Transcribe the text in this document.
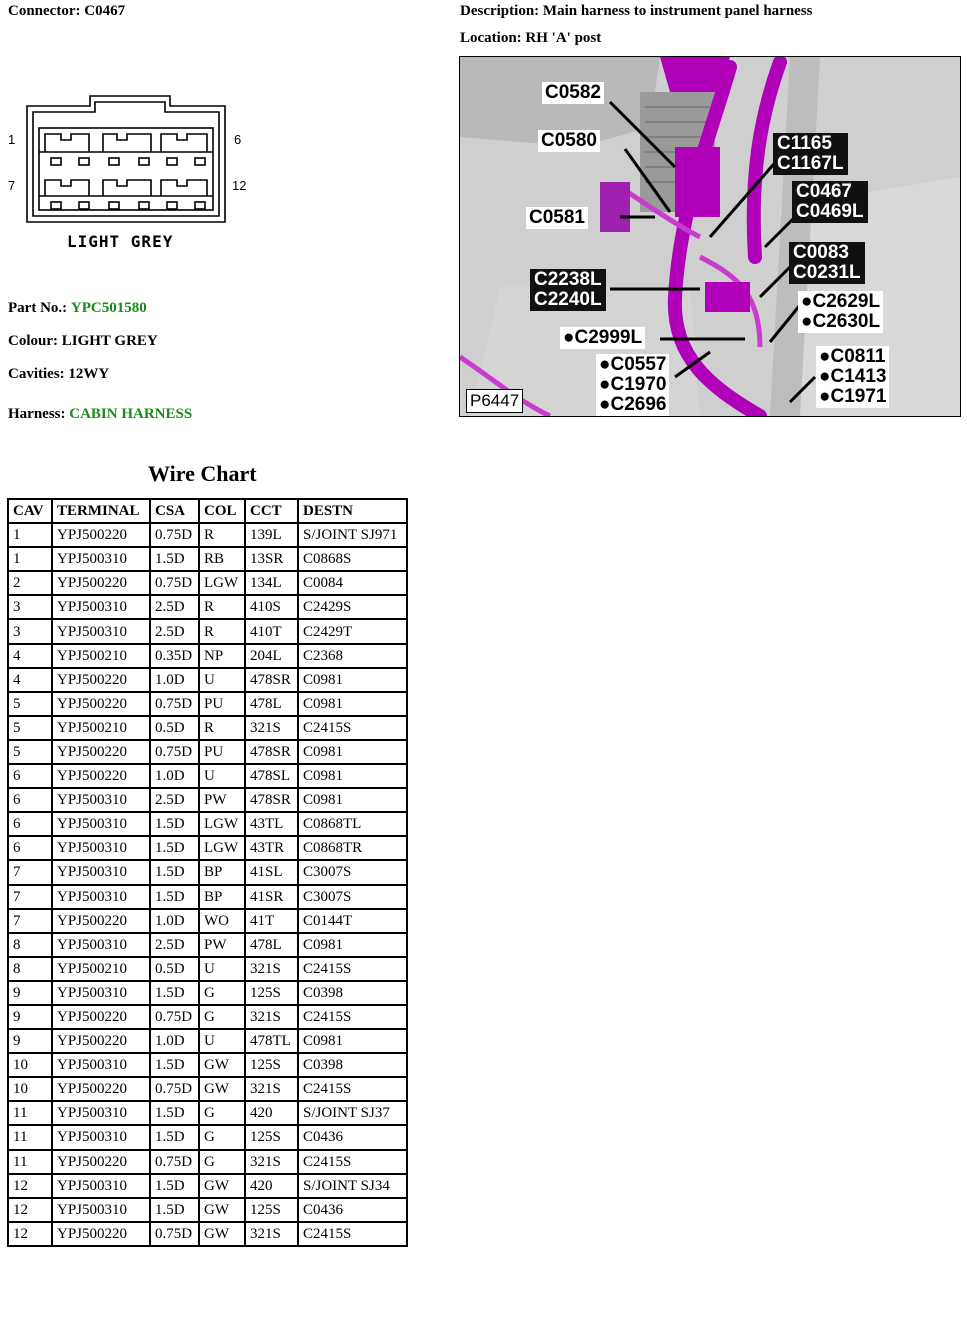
Connector: C0467
1	6
7	12
LIGHT GREY
Description: Main harness to instrument panel harness
Location: RH 'A' post
C0582
C0580
C0581
C1165
C1167L
C0467
C0469L
C0083
C0231L
C2238L
C2240L	●C2629L
●C2630L
●C2999L
●C0557
●C1970
●C2696
●C0811
●C1413
●C1971
P6447
Part No.: YPC501580
Colour: LIGHT GREY
Cavities: 12WY
Harness: CABIN HARNESS
Wire Chart
CAV	TERMINAL	CSA	COL	CCT	DESTN
1	YPJ500220	0.75D	R	139L	S/JOINT SJ971
1	YPJ500310	1.5D	RB	13SR	C0868S
2	YPJ500220	0.75D	LGW	134L	C0084
3	YPJ500310	2.5D	R	410S	C2429S
3	YPJ500310	2.5D	R	410T	C2429T
4	YPJ500210	0.35D	NP	204L	C2368
4	YPJ500220	1.0D	U	478SR	C0981
5	YPJ500220	0.75D	PU	478L	C0981
5	YPJ500210	0.5D	R	321S	C2415S
5	YPJ500220	0.75D	PU	478SR	C0981
6	YPJ500220	1.0D	U	478SL	C0981
6	YPJ500310	2.5D	PW	478SR	C0981
6	YPJ500310	1.5D	LGW	43TL	C0868TL
6	YPJ500310	1.5D	LGW	43TR	C0868TR
7	YPJ500310	1.5D	BP	41SL	C3007S
7	YPJ500310	1.5D	BP	41SR	C3007S
7	YPJ500220	1.0D	WO	41T	C0144T
8	YPJ500310	2.5D	PW	478L	C0981
8	YPJ500210	0.5D	U	321S	C2415S
9	YPJ500310	1.5D	G	125S	C0398
9	YPJ500220	0.75D	G	321S	C2415S
9	YPJ500220	1.0D	U	478TL	C0981
10	YPJ500310	1.5D	GW	125S	C0398
10	YPJ500220	0.75D	GW	321S	C2415S
11	YPJ500310	1.5D	G	420	S/JOINT SJ37
11	YPJ500310	1.5D	G	125S	C0436
11	YPJ500220	0.75D	G	321S	C2415S
12	YPJ500310	1.5D	GW	420	S/JOINT SJ34
12	YPJ500310	1.5D	GW	125S	C0436
12	YPJ500220	0.75D	GW	321S	C2415S
